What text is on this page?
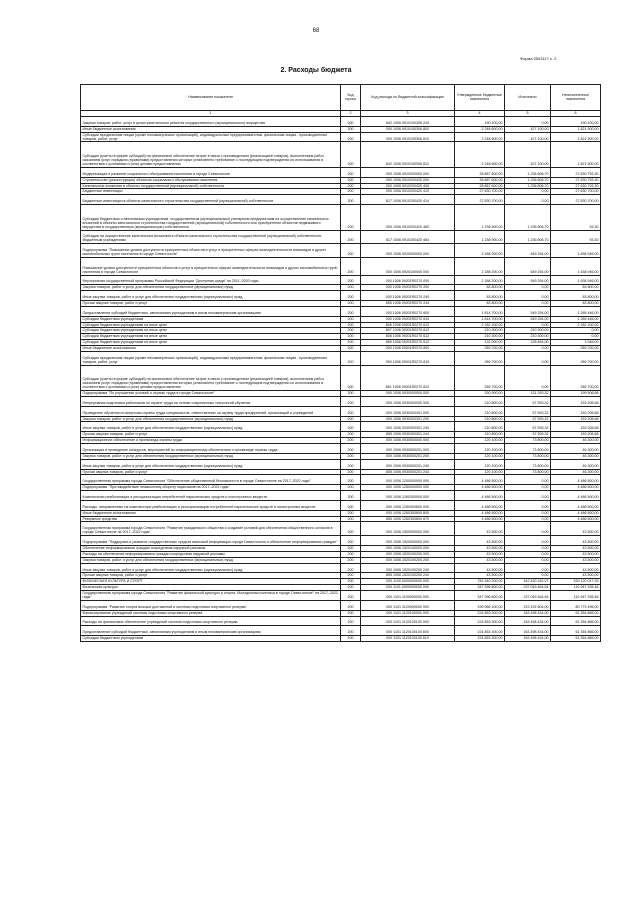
68
Форма 0503117 с. 2
2. Расходы бюджета
Наименование показателя	Код строки	Код расхода по бюджетной классификации	Утвержденные бюджетные назначения	Исполнено	Неисполненные назначения
1	2	3	4	5	6
Закупка товаров, работ, услуг в целях капитального ремонта государственного (муниципального) имущества	200	842 1006 0910100306 243	190 100,00	0,00	190 100,00
Иные бюджетные ассигнования	200	000 1006 0910100306 800	2 248 600,00	427 100,00	1 821 500,00
Субсидии юридическим лицам (кроме некоммерческих организаций), индивидуальным предпринимателям, физическим лицам - производителям товаров, работ, услуг	200	000 1006 0910100306 810	2 248 600,00	427 100,00	1 821 500,00
Субсидии (гранты в форме субсидий) на финансовое обеспечение затрат в связи с производством (реализацией товаров), выполнением работ, оказанием услуг, порядком (правилами) предоставления которых установлено требование о последующем подтверждении их использования в соответствии с условиями и (или) целями предоставления	200	842 1006 0910100306 812	2 248 600,00	427 100,00	1 821 500,00
Модернизация и развитие социального обслуживания населения в городе Севастополе	200	000 1006 0910200000 000	28 867 600,00	1 236 806,70	27 630 793,30
Строительство (реконструкция) объектов социального обслуживания населения	200	000 1006 0910200420 000	28 867 600,00	1 236 806,70	27 630 793,30
Капитальные вложения в объекты государственной (муниципальной) собственности	200	000 1006 0910200420 400	28 867 600,00	1 236 806,70	27 630 793,30
Бюджетные инвестиции	200	000 1006 0910200420 410	27 630 700,00	0,00	27 630 700,00
Бюджетные инвестиции в объекты капитального строительства государственной (муниципальной) собственности	200	817 1006 0910200420 414	27 630 700,00	0,00	27 630 700,00
Субсидии бюджетным и автономным учреждениям, государственным (муниципальным) унитарным предприятиям на осуществление капитальных вложений в объекты капитального строительства государственной (муниципальной) собственности или приобретение объектов недвижимого имущества в государственную (муниципальную) собственность	200	000 1006 0910200420 460	1 236 900,00	1 236 806,70	93,30
Субсидии на осуществление капитальных вложений в объекты капитального строительства государственной (муниципальной) собственности бюджетным учреждениям	200	817 1006 0910200420 464	1 236 900,00	1 236 806,70	93,30
Подпрограмма "Повышение уровня доступности приоритетных объектов и услуг в приоритетных сферах жизнедеятельности инвалидов и других маломобильных групп населения в городе Севастополе"	200	000 1006 0920000000 000	2 188 200,00	549 254,00	1 638 946,00
Повышение уровня доступности приоритетных объектов и услуг в приоритетных сферах жизнедеятельности инвалидов и других маломобильных групп населения в городе Севастополе	200	000 1006 0920100000 000	2 188 200,00	549 254,00	1 638 946,00
Мероприятия государственной программы Российской Федерации "Доступная среда" на 2011–2020 годы	200	000 1006 09201R0270 000	2 188 200,00	549 254,00	1 638 946,00
Закупка товаров, работ и услуг для обеспечения государственных (муниципальных) нужд	200	000 1006 09201R0270 200	83 800,00	0,00	83 800,00
Иные закупки товаров, работ и услуг для обеспечения государственных (муниципальных) нужд	200	000 1006 09201R0270 240	83 800,00	0,00	83 800,00
Прочая закупка товаров, работ и услуг	200	855 1006 09201R0270 244	83 800,00	0,00	83 800,00
Предоставление субсидий бюджетным, автономным учреждениям и иным некоммерческим организациям	200	000 1006 09201R0270 600	1 814 700,00	549 254,00	1 265 446,00
Субсидии бюджетным учреждениям	200	000 1006 09201R0270 610	1 814 700,00	549 254,00	1 265 446,00
Субсидии бюджетным учреждениям на иные цели	200	806 1006 09201R0270 612	1 262 100,00	0,00	1 262 100,00
Субсидии бюджетным учреждениям на иные цели	200	807 1006 09201R0270 612	210 300,00	210 300,00	0,00
Субсидии бюджетным учреждениям на иные цели	200	808 1006 09201R0270 612	210 300,00	210 300,00	0,00
Субсидии бюджетным учреждениям на иные цели	200	855 1006 09201R0270 612	132 000,00	128 654,00	3 346,00
Иные бюджетные ассигнования	200	000 1006 09201R0270 800	289 700,00	0,00	289 700,00
Субсидии юридическим лицам (кроме некоммерческих организаций), индивидуальным предпринимателям, физическим лицам - производителям товаров, работ, услуг	200	000 1006 09201R0270 810	289 700,00	0,00	289 700,00
Субсидии (гранты в форме субсидий) на финансовое обеспечение затрат в связи с производством (реализацией товаров), выполнением работ, оказанием услуг, порядком (правилами) предоставления которых установлено требование о последующем подтверждении их использования в соответствии с условиями и (или) целями предоставления	200	861 1006 09201R0270 812	289 700,00	0,00	289 700,00
Подпрограмма "По улучшению условий и охраны труда в городе Севастополе"	200	000 1006 0930000000 000	330 900,00	131 393,32	199 506,68
Непрерывная подготовка работников по охране труда на основе современных технологий обучения	200	000 1006 0930300000 000	210 800,00	57 593,32	153 206,68
Проведение обучения по вопросам охраны труда специалистов, ответственных за охрану труда предприятий, организаций и учреждений	200	000 1006 0930300301 000	210 800,00	57 593,32	153 206,68
Закупка товаров, работ и услуг для обеспечения государственных (муниципальных) нужд	200	000 1006 0930300301 200	210 800,00	57 593,32	153 206,68
Иные закупки товаров, работ и услуг для обеспечения государственных (муниципальных) нужд	200	000 1006 0930300301 240	210 800,00	57 593,32	153 206,68
Прочая закупка товаров, работ и услуг	200	855 1006 0930300301 244	210 800,00	57 593,32	153 206,68
Информационное обеспечение и пропаганда охраны труда	200	000 1006 0930500000 000	120 100,00	73 800,00	46 300,00
Организация и проведение конкурсов, мероприятий по информационному обеспечению и пропаганде охраны труда	200	000 1006 0930500201 000	120 100,00	73 800,00	46 300,00
Закупка товаров, работ и услуг для обеспечения государственных (муниципальных) нужд	200	000 1006 0930500201 200	120 100,00	73 800,00	46 300,00
Иные закупки товаров, работ и услуг для обеспечения государственных (муниципальных) нужд	200	000 1006 0930500201 240	120 100,00	73 800,00	46 300,00
Прочая закупка товаров, работ и услуг	200	855 1006 0930500201 244	120 100,00	73 800,00	46 300,00
Государственная программа города Севастополя "Обеспечение общественной безопасности в городе Севастополе на 2017–2022 годы"	200	000 1006 1200000000 000	4 486 500,00	0,00	4 486 500,00
Подпрограмма "Противодействие незаконному обороту наркотиков на 2017–2022 годы"	200	000 1006 1260000000 000	4 486 500,00	0,00	4 486 500,00
Комплексная реабилитация и ресоциализация потребителей наркотических средств и психотропных веществ	200	000 1006 1260300000 000	4 486 500,00	0,00	4 486 500,00
Расходы, направленные на комплексную реабилитацию и ресоциализацию потребителей наркотических средств и психотропных веществ	200	000 1006 1260300600 000	4 486 500,00	0,00	4 486 500,00
Иные бюджетные ассигнования	200	000 1006 1260300600 800	4 486 500,00	0,00	4 486 500,00
Резервные средства	200	855 1006 1260300600 870	4 486 500,00	0,00	4 486 500,00
Государственная программа города Севастополя "Развитие гражданского общества и создание условий для обеспечения общественного согласия в городе Севастополе на 2017–2022 годы"	200	000 1006 1500000000 000	43 500,00	0,00	43 500,00
Подпрограмма "Поддержка и развитие государственных средств массовой информации города Севастополя и обеспечение информирования граждан"	200	000 1006 1520000000 000	43 500,00	0,00	43 500,00
Обеспечение информирования граждан посредством наружной рекламы	200	000 1006 1520100000 000	43 500,00	0,00	43 500,00
Расходы на обеспечение информирования граждан посредством наружной рекламы	200	000 1006 1520100200 000	43 500,00	0,00	43 500,00
Закупка товаров, работ и услуг для обеспечения государственных (муниципальных) нужд	200	000 1006 1520100200 200	43 500,00	0,00	43 500,00
Иные закупки товаров, работ и услуг для обеспечения государственных (муниципальных) нужд	200	000 1006 1520100200 240	43 500,00	0,00	43 500,00
Прочая закупка товаров, работ и услуг	200	855 1006 1520100200 244	43 500,00	0,00	43 500,00
ФИЗИЧЕСКАЯ КУЛЬТУРА И СПОРТ	200	000 1100 0000000000 000	781 540 200,00	442 420 182,07	339 120 017,93
Физическая культура	200	000 1101 0000000000 000	347 996 800,00	237 049 464,54	110 947 335,46
Государственная программа города Севастополя "Развитие физической культуры и спорта. Молодежная политика в городе Севастополе" на 2017–2022 годы"	200	000 1101 1100000000 000	347 996 800,00	237 049 464,54	110 947 335,46
Подпрограмма "Развитие спорта высших достижений и системы подготовки спортивного резерва"	200	000 1101 1120000000 000	299 966 100,00	219 192 604,00	80 773 496,00
Финансирование учреждений системы подготовки спортивного резерва	200	000 1101 1120100000 000	224 853 300,00	163 498 434,00	61 354 866,00
Расходы на финансовое обеспечение учреждений системы подготовки спортивного резерва	200	000 1101 1120100100 000	224 853 300,00	163 498 434,00	61 354 866,00
Предоставление субсидий бюджетным, автономным учреждениям и иным некоммерческим организациям	200	000 1101 1120100100 600	224 853 300,00	163 498 434,00	61 354 866,00
Субсидии бюджетным учреждениям	200	000 1101 1120100100 610	224 853 300,00	163 498 434,00	61 354 866,00
